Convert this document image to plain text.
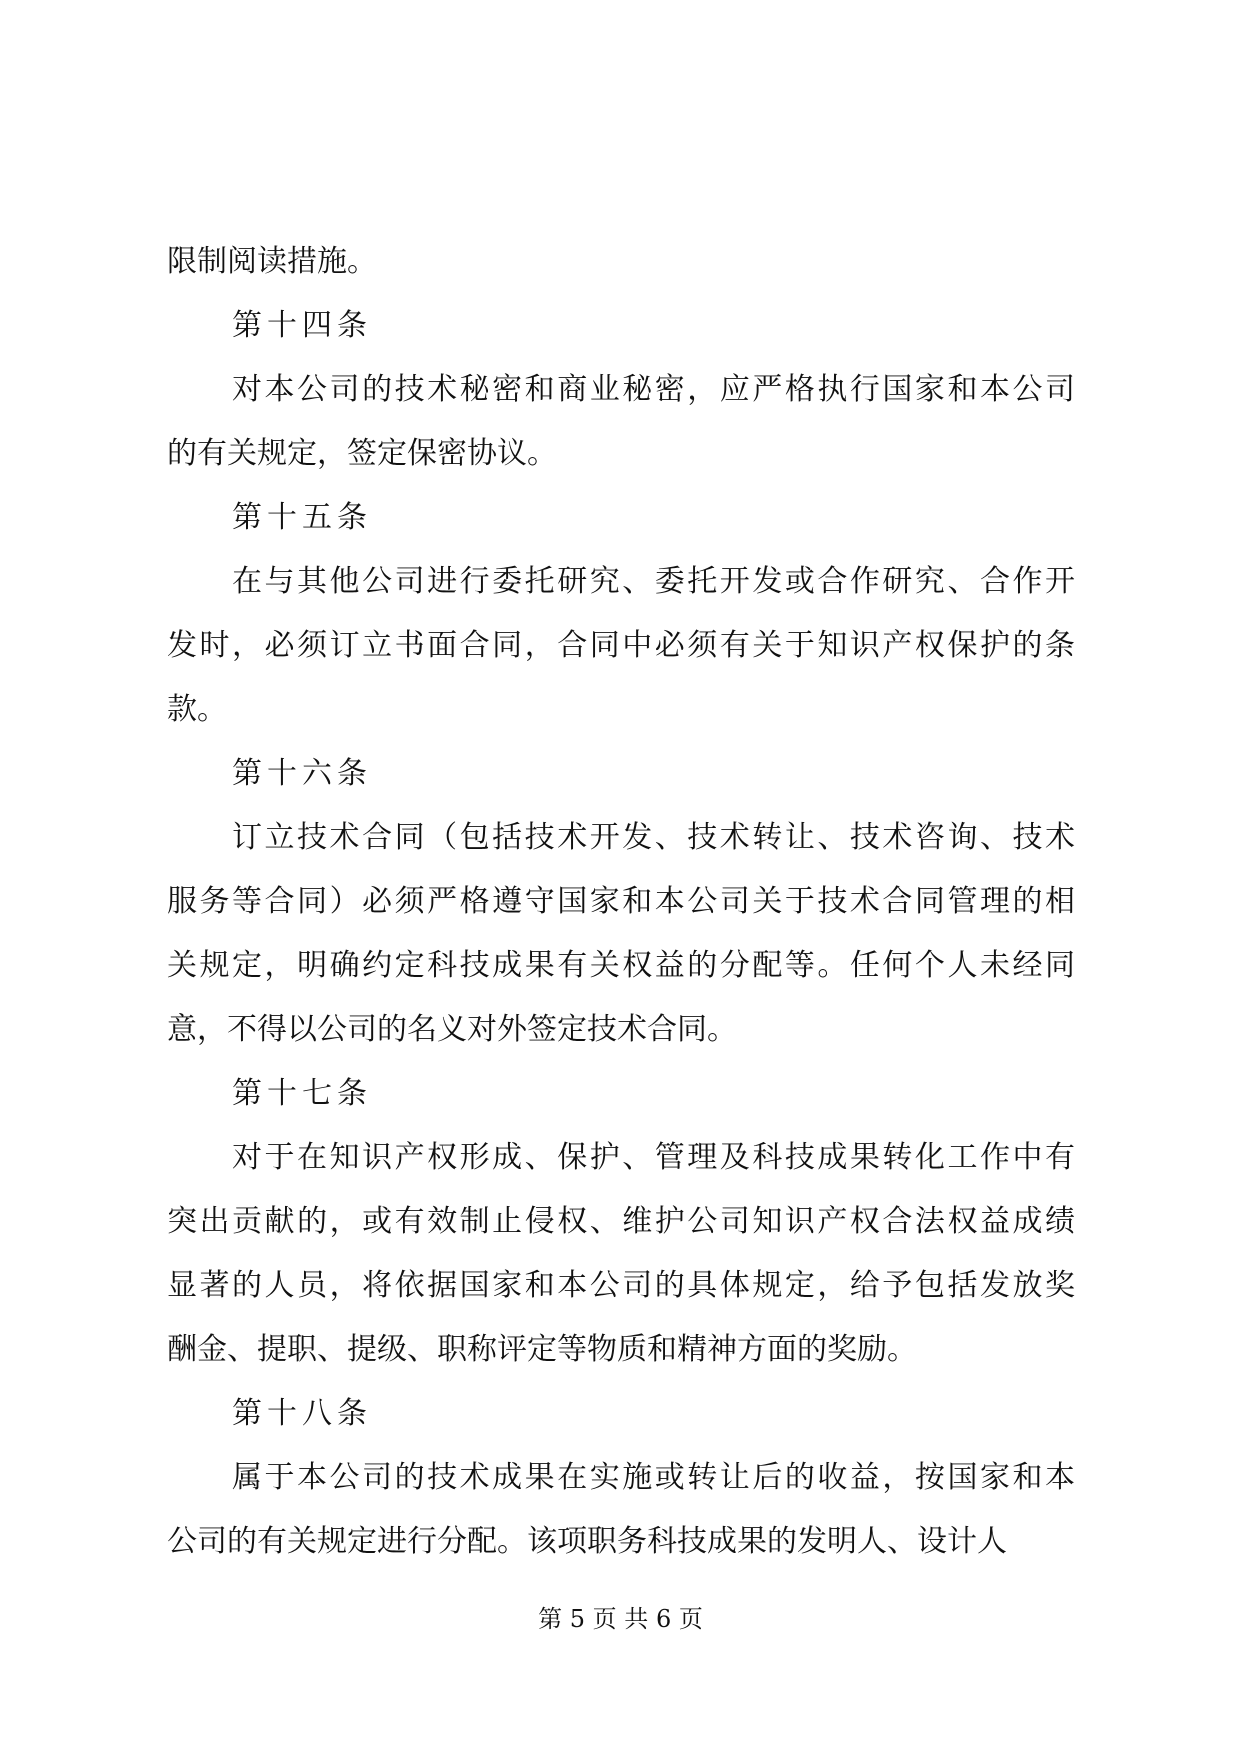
限制阅读措施。
第十四条
对本公司的技术秘密和商业秘密，应严格执行国家和本公司
的有关规定，签定保密协议。
第十五条
在与其他公司进行委托研究、委托开发或合作研究、合作开
发时，必须订立书面合同，合同中必须有关于知识产权保护的条
款。
第十六条
订立技术合同（包括技术开发、技术转让、技术咨询、技术
服务等合同）必须严格遵守国家和本公司关于技术合同管理的相
关规定，明确约定科技成果有关权益的分配等。任何个人未经同
意，不得以公司的名义对外签定技术合同。
第十七条
对于在知识产权形成、保护、管理及科技成果转化工作中有
突出贡献的，或有效制止侵权、维护公司知识产权合法权益成绩
显著的人员，将依据国家和本公司的具体规定，给予包括发放奖
酬金、提职、提级、职称评定等物质和精神方面的奖励。
第十八条
属于本公司的技术成果在实施或转让后的收益，按国家和本
公司的有关规定进行分配。该项职务科技成果的发明人、设计人
第 5 页 共 6 页
